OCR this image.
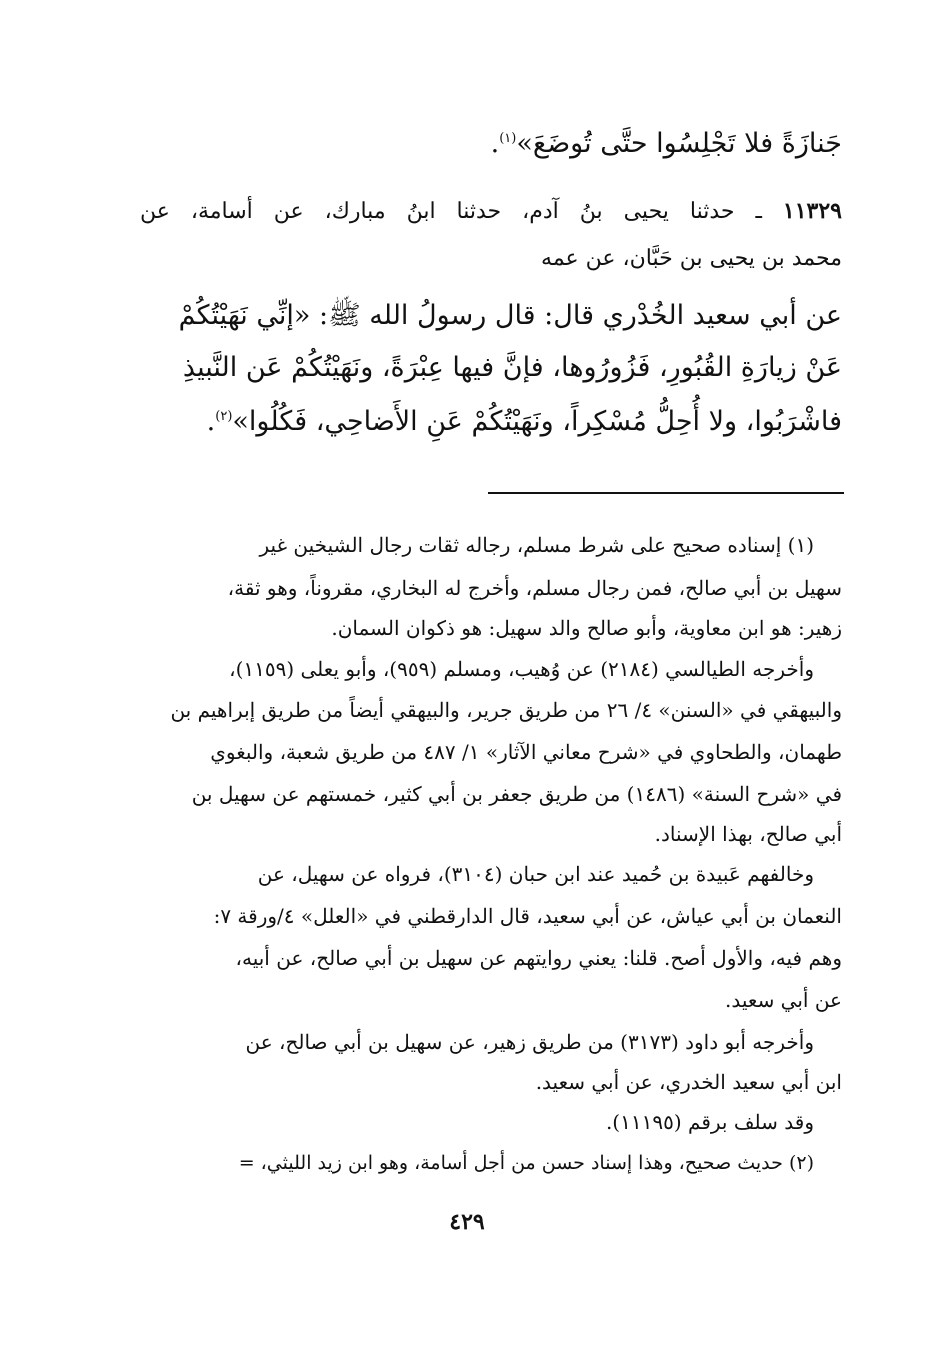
جَنازَةً فلا تَجْلِسُوا حتَّى تُوضَعَ»$^{(١)}$.
١١٣٢٩ ـ حدثنا يحيى بنُ آدم، حدثنا ابنُ مبارك، عن أسامة، عن
محمد بن يحيى بن حَبَّان، عن عمه
عن أبي سعيد الخُدْري قال: قال رسولُ الله ﷺ: «إنِّي نَهَيْتُكُمْ
عَنْ زيارَةِ القُبُورِ، فَزُورُوها، فإنَّ فيها عِبْرَةً، ونَهَيْتُكُمْ عَن النَّبيذِ
فاشْرَبُوا، ولا أُحِلُّ مُسْكِراً، ونَهَيْتُكُمْ عَنِ الأَضاحِي، فَكُلُوا»$^{(٢)}$.
(١) إسناده صحيح على شرط مسلم، رجاله ثقات رجال الشيخين غير
سهيل بن أبي صالح، فمن رجال مسلم، وأخرج له البخاري، مقروناً، وهو ثقة،
زهير: هو ابن معاوية، وأبو صالح والد سهيل: هو ذكوان السمان.
وأخرجه الطيالسي (٢١٨٤) عن وُهيب، ومسلم (٩٥٩)، وأبو يعلى (١١٥٩)،
والبيهقي في «السنن» ٤/ ٢٦ من طريق جرير، والبيهقي أيضاً من طريق إبراهيم بن
طهمان، والطحاوي في «شرح معاني الآثار» ١/ ٤٨٧ من طريق شعبة، والبغوي
في «شرح السنة» (١٤٨٦) من طريق جعفر بن أبي كثير، خمستهم عن سهيل بن
أبي صالح، بهذا الإسناد.
وخالفهم عَبيدة بن حُميد عند ابن حبان (٣١٠٤)، فرواه عن سهيل، عن
النعمان بن أبي عياش، عن أبي سعيد، قال الدارقطني في «العلل» ٤/ورقة ٧:
وهم فيه، والأول أصح. قلنا: يعني روايتهم عن سهيل بن أبي صالح، عن أبيه،
عن أبي سعيد.
وأخرجه أبو داود (٣١٧٣) من طريق زهير، عن سهيل بن أبي صالح، عن
ابن أبي سعيد الخدري، عن أبي سعيد.
وقد سلف برقم (١١١٩٥).
(٢) حديث صحيح، وهذا إسناد حسن من أجل أسامة، وهو ابن زيد الليثي، =
٤٢٩
